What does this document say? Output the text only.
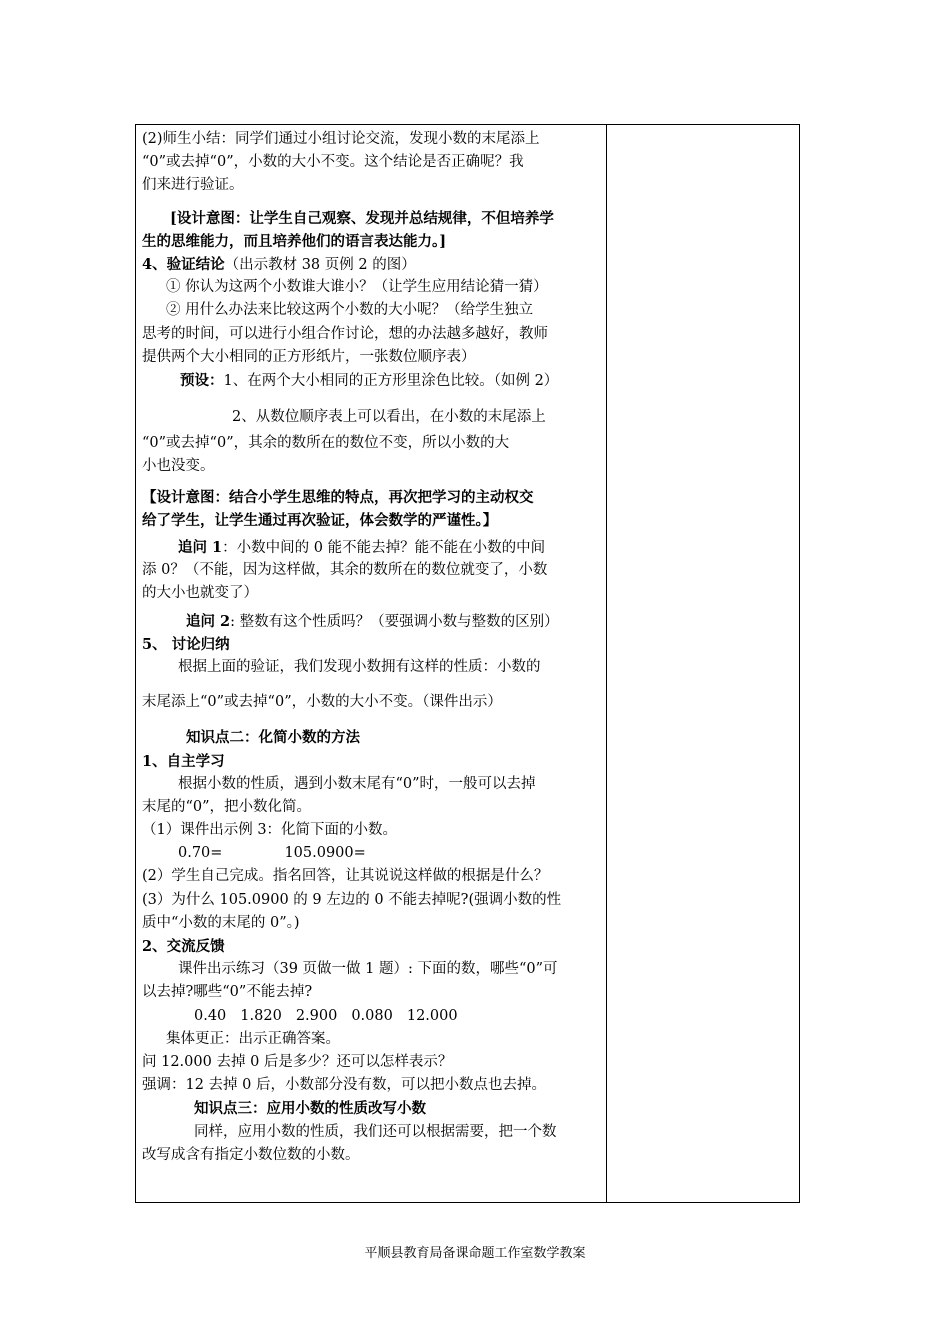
(2)师生小结：同学们通过小组讨论交流，发现小数的末尾添上
“0”或去掉“0”，小数的大小不变。这个结论是否正确呢？我
们来进行验证。
[设计意图：让学生自己观察、发现并总结规律，不但培养学
生的思维能力，而且培养他们的语言表达能力。]
4、验证结论（出示教材 38 页例 2 的图）
① 你认为这两个小数谁大谁小？（让学生应用结论猜一猜）
② 用什么办法来比较这两个小数的大小呢？（给学生独立
思考的时间，可以进行小组合作讨论，想的办法越多越好，教师
提供两个大小相同的正方形纸片，一张数位顺序表）
预设：1、在两个大小相同的正方形里涂色比较。（如例 2）
2、从数位顺序表上可以看出，在小数的末尾添上
“0”或去掉“0”，其余的数所在的数位不变，所以小数的大
小也没变。
【设计意图：结合小学生思维的特点，再次把学习的主动权交
给了学生，让学生通过再次验证，体会数学的严谨性。】
追问 1：小数中间的 0 能不能去掉？能不能在小数的中间
添 0？（不能，因为这样做，其余的数所在的数位就变了，小数
的大小也就变了）
追问 2: 整数有这个性质吗？（要强调小数与整数的区别）
5、 讨论归纳
根据上面的验证，我们发现小数拥有这样的性质：小数的
末尾添上“0”或去掉“0”，小数的大小不变。（课件出示）
知识点二：化简小数的方法
1、自主学习
根据小数的性质，遇到小数末尾有“0”时，一般可以去掉
末尾的“0”，把小数化简。
（1）课件出示例 3：化简下面的小数。
0.70=	105.0900=
(2）学生自己完成。指名回答，让其说说这样做的根据是什么？
(3）为什么 105.0900 的 9 左边的 0 不能去掉呢?(强调小数的性
质中“小数的末尾的 0”。)
2、交流反馈
课件出示练习（39 页做一做 1 题）: 下面的数，哪些“0”可
以去掉?哪些“0”不能去掉?
0.40 1.820 2.900 0.080 12.000
集体更正：出示正确答案。
问 12.000 去掉 0 后是多少？还可以怎样表示？
强调：12 去掉 0 后，小数部分没有数，可以把小数点也去掉。
知识点三：应用小数的性质改写小数
同样，应用小数的性质，我们还可以根据需要，把一个数
改写成含有指定小数位数的小数。

平顺县教育局备课命题工作室数学教案
